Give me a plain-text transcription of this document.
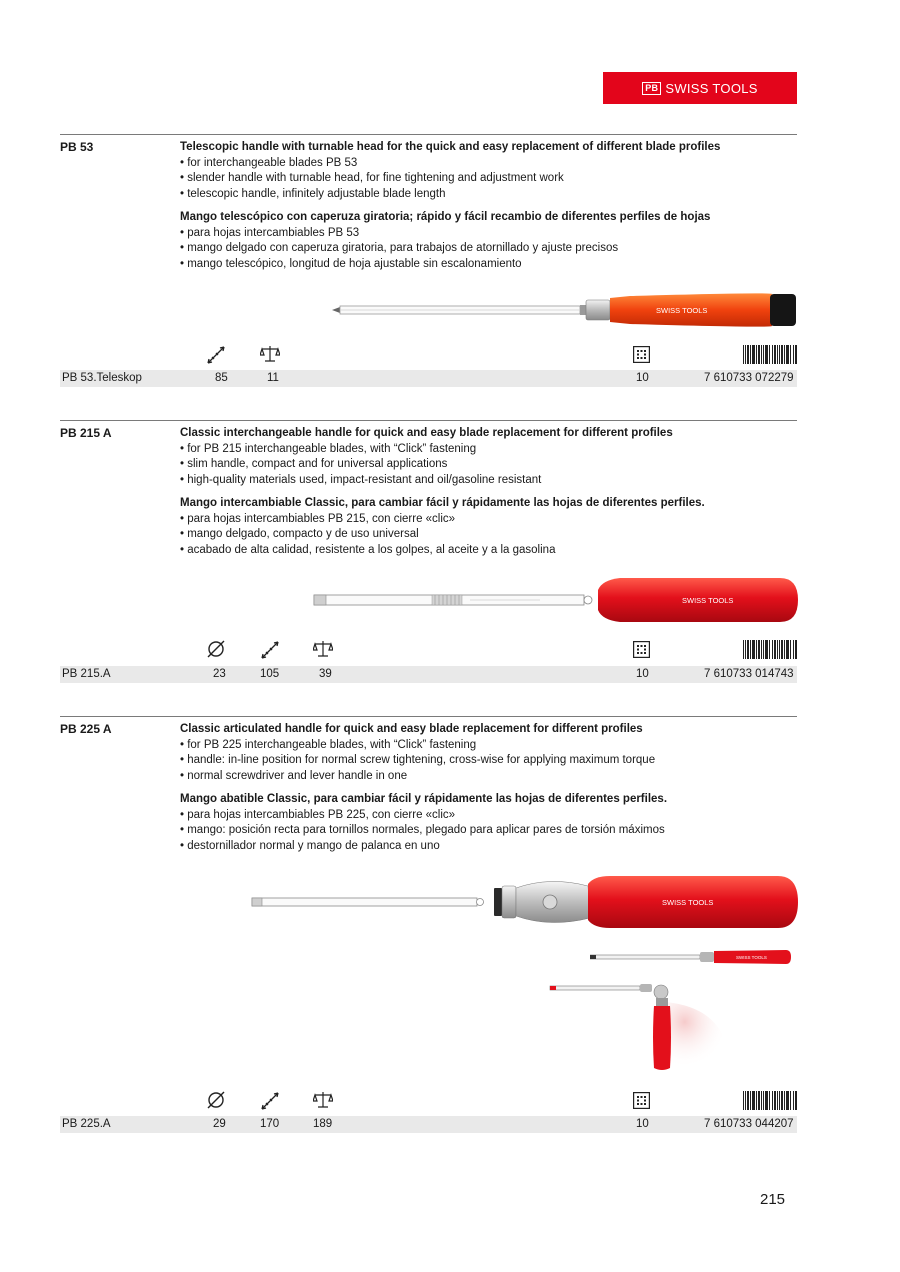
PB SWISS TOOLS
PB 53	Telescopic handle with turnable head for the quick and easy replacement of different blade profiles
• for interchangeable blades PB 53
• slender handle with turnable head, for fine tightening and adjustment work
• telescopic handle, infinitely adjustable blade length
Mango telescópico con caperuza giratoria; rápido y fácil recambio de diferentes perfiles de hojas
• para hojas intercambiables PB 53
• mango delgado con caperuza giratoria, para trabajos de atornillado y ajuste precisos
• mango telescópico, longitud de hoja ajustable sin escalonamiento
SWISS TOOLS
PB 53.Teleskop	85	11	10	7 610733 072279
PB 215 A	Classic interchangeable handle for quick and easy blade replacement for different profiles
• for PB 215 interchangeable blades, with “Click” fastening
• slim handle, compact and for universal applications
• high-quality materials used, impact-resistant and oil/gasoline resistant
Mango intercambiable Classic, para cambiar fácil y rápidamente las hojas de diferentes perfiles.
• para hojas intercambiables PB 215, con cierre «clic»
• mango delgado, compacto y de uso universal
• acabado de alta calidad, resistente a los golpes, al aceite y a la gasolina
SWISS TOOLS
PB 215.A	23	105	39	10	7 610733 014743
PB 225 A	Classic articulated handle for quick and easy blade replacement for different profiles
• for PB 225 interchangeable blades, with “Click” fastening
• handle: in-line position for normal screw tightening, cross-wise for applying maximum torque
• normal screwdriver and lever handle in one
Mango abatible Classic, para cambiar fácil y rápidamente las hojas de diferentes perfiles.
• para hojas intercambiables PB 225, con cierre «clic»
• mango: posición recta para tornillos normales, plegado para aplicar pares de torsión máximos
• destornillador normal y mango de palanca en uno
SWISS TOOLS
SWISS TOOLS
PB 225.A	29	170	189	10	7 610733 044207
215
